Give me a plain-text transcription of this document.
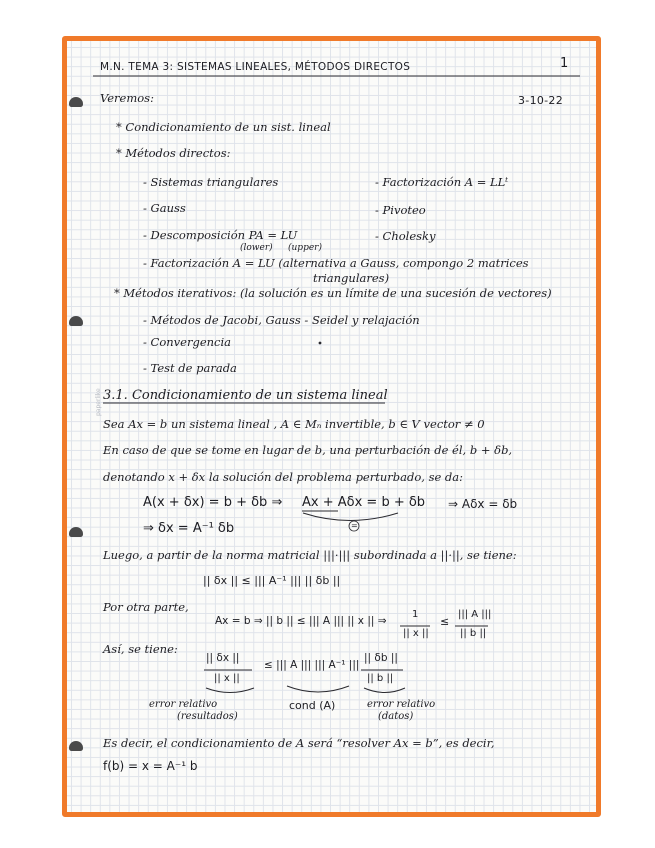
paperlike
M.N. TEMA 3: SISTEMAS LINEALES, MÉTODOS DIRECTOS	1
3-10-22
Veremos:
* Condicionamiento de un sist. lineal
* Métodos directos:
- Sistemas triangulares
- Gauss
- Descomposición PA = LU
(lower) (upper)
- Factorización A = LU (alternativa a Gauss, compongo 2 matrices
triangulares)
- Factorización A = LLᵗ
- Pivoteo
- Cholesky
* Métodos iterativos: (la solución es un límite de una sucesión de vectores)
- Métodos de Jacobi, Gauss - Seidel y relajación
- Convergencia
- Test de parada
3.1. Condicionamiento de un sistema lineal
Sea Ax = b un sistema lineal , A ∈ Mₙ invertible, b ∈ V vector ≠ 0
En caso de que se tome en lugar de b, una perturbación de él, b + δb,
denotando x + δx la solución del problema perturbado, se da:
A(x + δx) = b + δb ⇒ Ax + Aδx = b + δb ⇒ Aδx = δb
=
⇒ δx = A⁻¹ δb
Luego, a partir de la norma matricial |||·||| subordinada a ||·||, se tiene:
|| δx || ≤ ||| A⁻¹ ||| || δb ||
Por otra parte,
Ax = b ⇒ || b || ≤ ||| A ||| || x || ⇒
1
|| x ||
≤
||| A |||
|| b ||
Así, se tiene:
|| δx ||
|| x ||
≤ ||| A ||| ||| A⁻¹ |||
|| δb ||
|| b ||
error relativo
(resultados)
cond (A)	error relativo
(datos)
Es decir, el condicionamiento de A será “resolver Ax = b”, es decir,
f(b) = x = A⁻¹ b
